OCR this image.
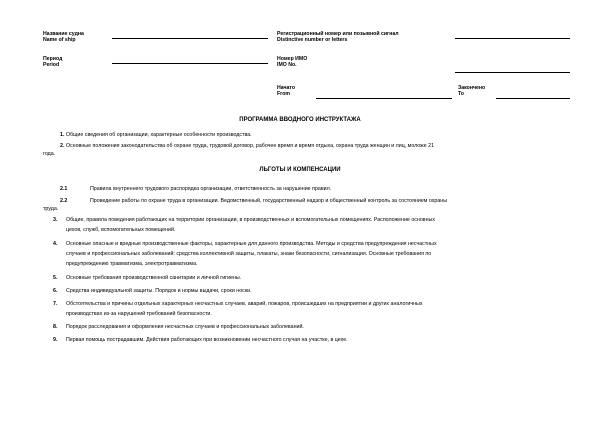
Название судна
Name of ship
Регистрационный номер или позывной сигнал
Distinctive number or letters
Период
Period
Номер ИМО
IMO No.
Начато
From
Закончено
To
ПРОГРАММА ВВОДНОГО ИНСТРУКТАЖА
1. Общие сведения об организации, характерные особенности производства.
2. Основные положения законодательства об охране труда, трудовой договор, рабочее время и время отдыха, охрана труда женщин и лиц, моложе 21
года.
ЛЬГОТЫ И КОМПЕНСАЦИИ
2.1	Правила внутреннего трудового распорядка организации, ответственность за нарушение правил.
2.2	Проведение работы по охране труда в организации. Ведомственный, государственный надзор и общественный контроль за состоянием охраны
труда.
3. Общие, правила поведения работающих на территории организации, в производственных и вспомогательных помещениях. Расположение основных
цехов, служб, вспомогательных помещений.
4. Основные опасные и вредные производственные факторы, характерные для данного производства. Методы и средства предупреждения несчастных
случаев и профессиональных заболеваний: средства коллективной защиты, плакаты, знаки безопасности, сигнализация. Основные требования по
предупреждению травматизма, электротравматизма.
5. Основные требования производственной санитарии и личной гигиены.
6. Средства индивидуальной защиты. Порядок и нормы выдачи, сроки носки.
7. Обстоятельства и причины отдельных характерных несчастных случаев, аварий, пожаров, происшедших на предприятии и других аналогичных
производствах из-за нарушений требований безопасности.
8. Порядок расследования и оформления несчастных случаев и профессиональных заболеваний.
9. Первая помощь пострадавшим. Действия работающих при возникновении несчастного случая на участке, в цехе.
